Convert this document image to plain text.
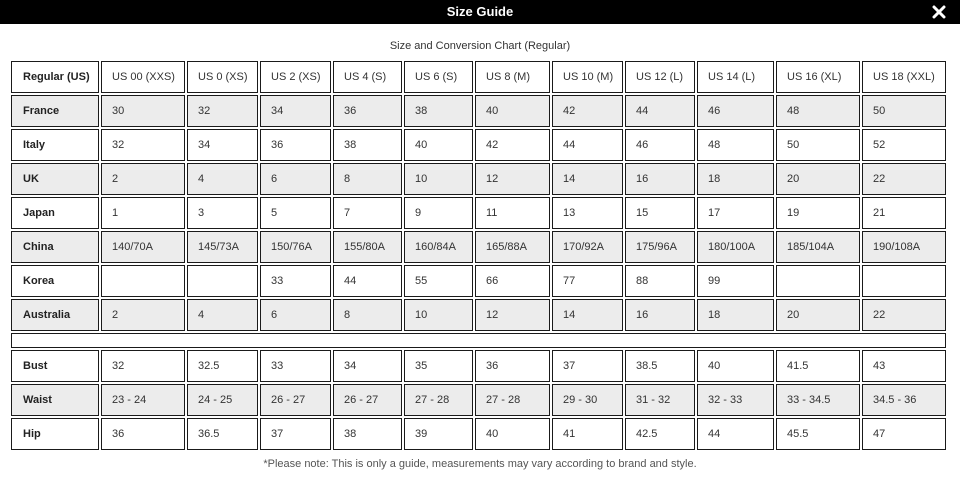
Size Guide
Size and Conversion Chart (Regular)
Regular (US)	US 00 (XXS)	US 0 (XS)	US 2 (XS)	US 4 (S)	US 6 (S)	US 8 (M)	US 10 (M)	US 12 (L)	US 14 (L)	US 16 (XL)	US 18 (XXL)
France	30	32	34	36	38	40	42	44	46	48	50
Italy	32	34	36	38	40	42	44	46	48	50	52
UK	2	4	6	8	10	12	14	16	18	20	22
Japan	1	3	5	7	9	11	13	15	17	19	21
China	140/70A	145/73A	150/76A	155/80A	160/84A	165/88A	170/92A	175/96A	180/100A	185/104A	190/108A
Korea			33	44	55	66	77	88	99		
Australia	2	4	6	8	10	12	14	16	18	20	22

Bust	32	32.5	33	34	35	36	37	38.5	40	41.5	43
Waist	23 - 24	24 - 25	26 - 27	26 - 27	27 - 28	27 - 28	29 - 30	31 - 32	32 - 33	33 - 34.5	34.5 - 36
Hip	36	36.5	37	38	39	40	41	42.5	44	45.5	47
*Please note: This is only a guide, measurements may vary according to brand and style.
